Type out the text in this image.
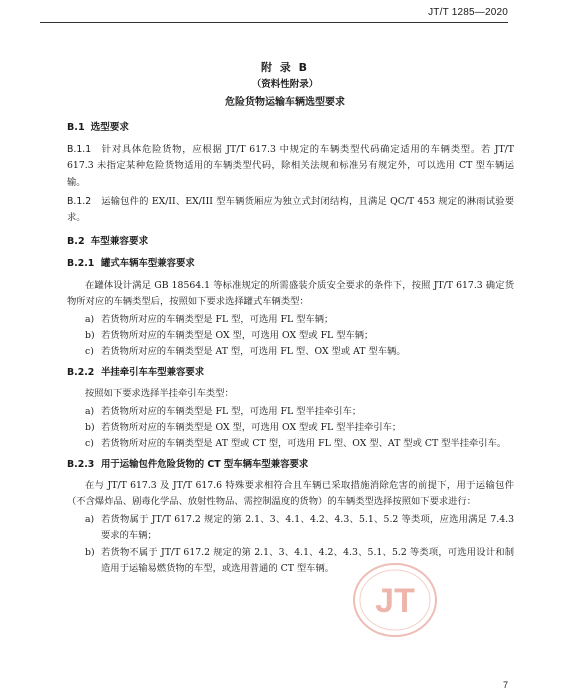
JT/T 1285—2020
附 录 B
（资料性附录）
危险货物运输车辆选型要求
B.1 选型要求

B.1.1 针对具体危险货物，应根据 JT/T 617.3 中规定的车辆类型代码确定适用的车辆类型。若 JT/T 617.3 未指定某种危险货物适用的车辆类型代码，除相关法规和标准另有规定外，可以选用 CT 型车辆运输。

B.1.2 运输包件的 EX/II、EX/III 型车辆货厢应为独立式封闭结构，且满足 QC/T 453 规定的淋雨试验要求。

B.2 车型兼容要求
B.2.1 罐式车辆车型兼容要求

在罐体设计满足 GB 18564.1 等标准规定的所需盛装介质安全要求的条件下，按照 JT/T 617.3 确定货物所对应的车辆类型后，按照如下要求选择罐式车辆类型：

a) 若货物所对应的车辆类型是 FL 型，可选用 FL 型车辆；
b) 若货物所对应的车辆类型是 OX 型，可选用 OX 型或 FL 型车辆；
c) 若货物所对应的车辆类型是 AT 型，可选用 FL 型、OX 型或 AT 型车辆。
B.2.2 半挂牵引车车型兼容要求

按照如下要求选择半挂牵引车类型：

a) 若货物所对应的车辆类型是 FL 型，可选用 FL 型半挂牵引车；
b) 若货物所对应的车辆类型是 OX 型，可选用 OX 型或 FL 型半挂牵引车；
c) 若货物所对应的车辆类型是 AT 型或 CT 型，可选用 FL 型、OX 型、AT 型或 CT 型半挂牵引车。
B.2.3 用于运输包件危险货物的 CT 型车辆车型兼容要求

在与 JT/T 617.3 及 JT/T 617.6 特殊要求相符合且车辆已采取措施消除危害的前提下，用于运输包件（不含爆炸品、剧毒化学品、放射性物品、需控制温度的货物）的车辆类型选择按照如下要求进行：

a) 若货物属于 JT/T 617.2 规定的第 2.1、3、4.1、4.2、4.3、5.1、5.2 等类项，应选用满足 7.4.3 要求的车辆；
b) 若货物不属于 JT/T 617.2 规定的第 2.1、3、4.1、4.2、4.3、5.1、5.2 等类项，可选用设计和制造用于运输易燃货物的车型，或选用普通的 CT 型车辆。
JT
7
